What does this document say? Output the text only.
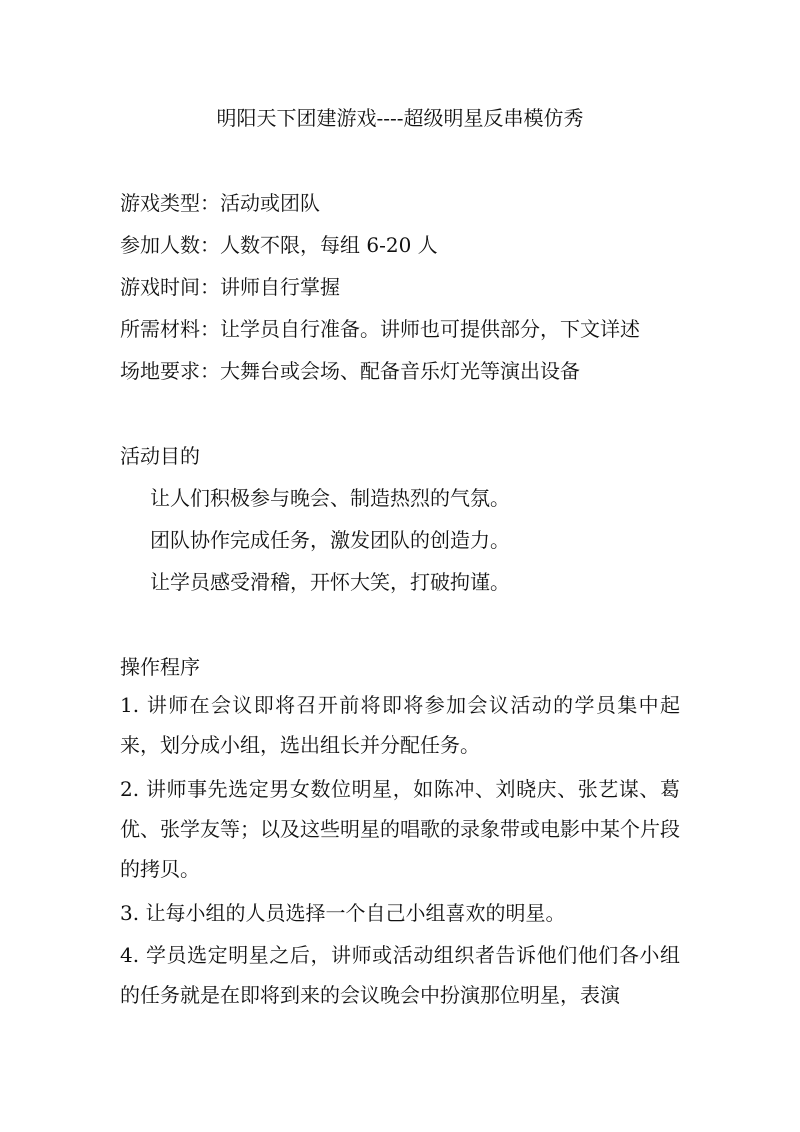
明阳天下团建游戏----超级明星反串模仿秀
游戏类型：活动或团队
参加人数：人数不限，每组 6-20 人
游戏时间：讲师自行掌握
所需材料：让学员自行准备。讲师也可提供部分，下文详述
场地要求：大舞台或会场、配备音乐灯光等演出设备
活动目的
让人们积极参与晚会、制造热烈的气氛。
团队协作完成任务，激发团队的创造力。
让学员感受滑稽，开怀大笑，打破拘谨。
操作程序
1. 讲师在会议即将召开前将即将参加会议活动的学员集中起来，划分成小组，选出组长并分配任务。
2. 讲师事先选定男女数位明星，如陈冲、刘晓庆、张艺谋、葛优、张学友等；以及这些明星的唱歌的录象带或电影中某个片段的拷贝。
3. 让每小组的人员选择一个自己小组喜欢的明星。
4. 学员选定明星之后，讲师或活动组织者告诉他们他们各小组的任务就是在即将到来的会议晚会中扮演那位明星，表演
